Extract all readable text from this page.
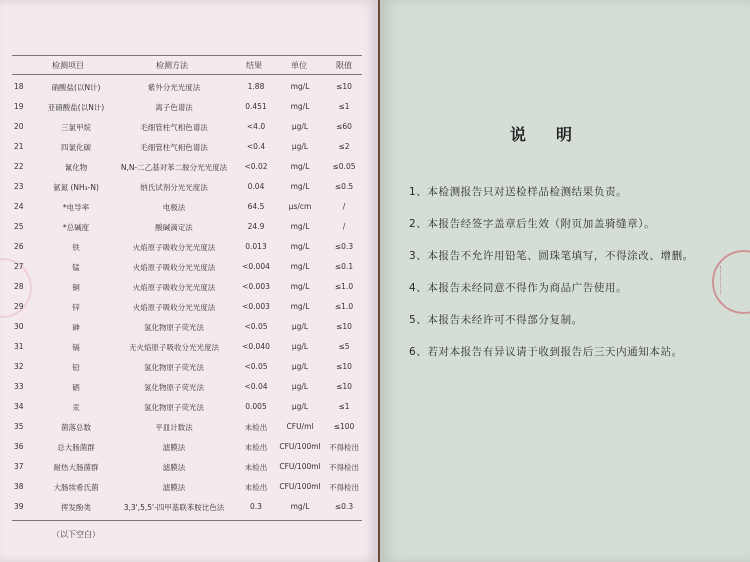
检测项目	检测方法	结果	单位	限值
18	硝酸盐(以N计)	紫外分光光度法	1.88	mg/L	≤10
19	亚硝酸盐(以N计)	离子色谱法	0.451	mg/L	≤1
20	三氯甲烷	毛细管柱气相色谱法	<4.0	μg/L	≤60
21	四氯化碳	毛细管柱气相色谱法	<0.4	μg/L	≤2
22	氰化物	N,N-二乙基对苯二胺分光光度法	<0.02	mg/L	≤0.05
23	氨氮 (NH₃-N)	纳氏试剂分光光度法	0.04	mg/L	≤0.5
24	*电导率	电极法	64.5	μs/cm	/
25	*总碱度	酸碱滴定法	24.9	mg/L	/
26	铁	火焰原子吸收分光光度法	0.013	mg/L	≤0.3
27	锰	火焰原子吸收分光光度法	<0.004	mg/L	≤0.1
28	铜	火焰原子吸收分光光度法	<0.003	mg/L	≤1.0
29	锌	火焰原子吸收分光光度法	<0.003	mg/L	≤1.0
30	砷	氢化物原子荧光法	<0.05	μg/L	≤10
31	镉	无火焰原子吸收分光光度法	<0.040	μg/L	≤5
32	铅	氢化物原子荧光法	<0.05	μg/L	≤10
33	硒	氢化物原子荧光法	<0.04	μg/L	≤10
34	汞	氢化物原子荧光法	0.005	μg/L	≤1
35	菌落总数	平皿计数法	未检出	CFU/ml	≤100
36	总大肠菌群	滤膜法	未检出	CFU/100ml	不得检出
37	耐热大肠菌群	滤膜法	未检出	CFU/100ml	不得检出
38	大肠埃希氏菌	滤膜法	未检出	CFU/100ml	不得检出
39	挥发酚类	3,3',5,5'-四甲基联苯胺比色法	0.3	mg/L	≤0.3
（以下空白）
说明
1、本检测报告只对送检样品检测结果负责。
2、本报告经签字盖章后生效（附页加盖骑缝章）。
3、本报告不允许用铅笔、圆珠笔填写，不得涂改、增删。
4、本报告未经同意不得作为商品广告使用。
5、本报告未经许可不得部分复制。
6、若对本报告有异议请于收到报告后三天内通知本站。
